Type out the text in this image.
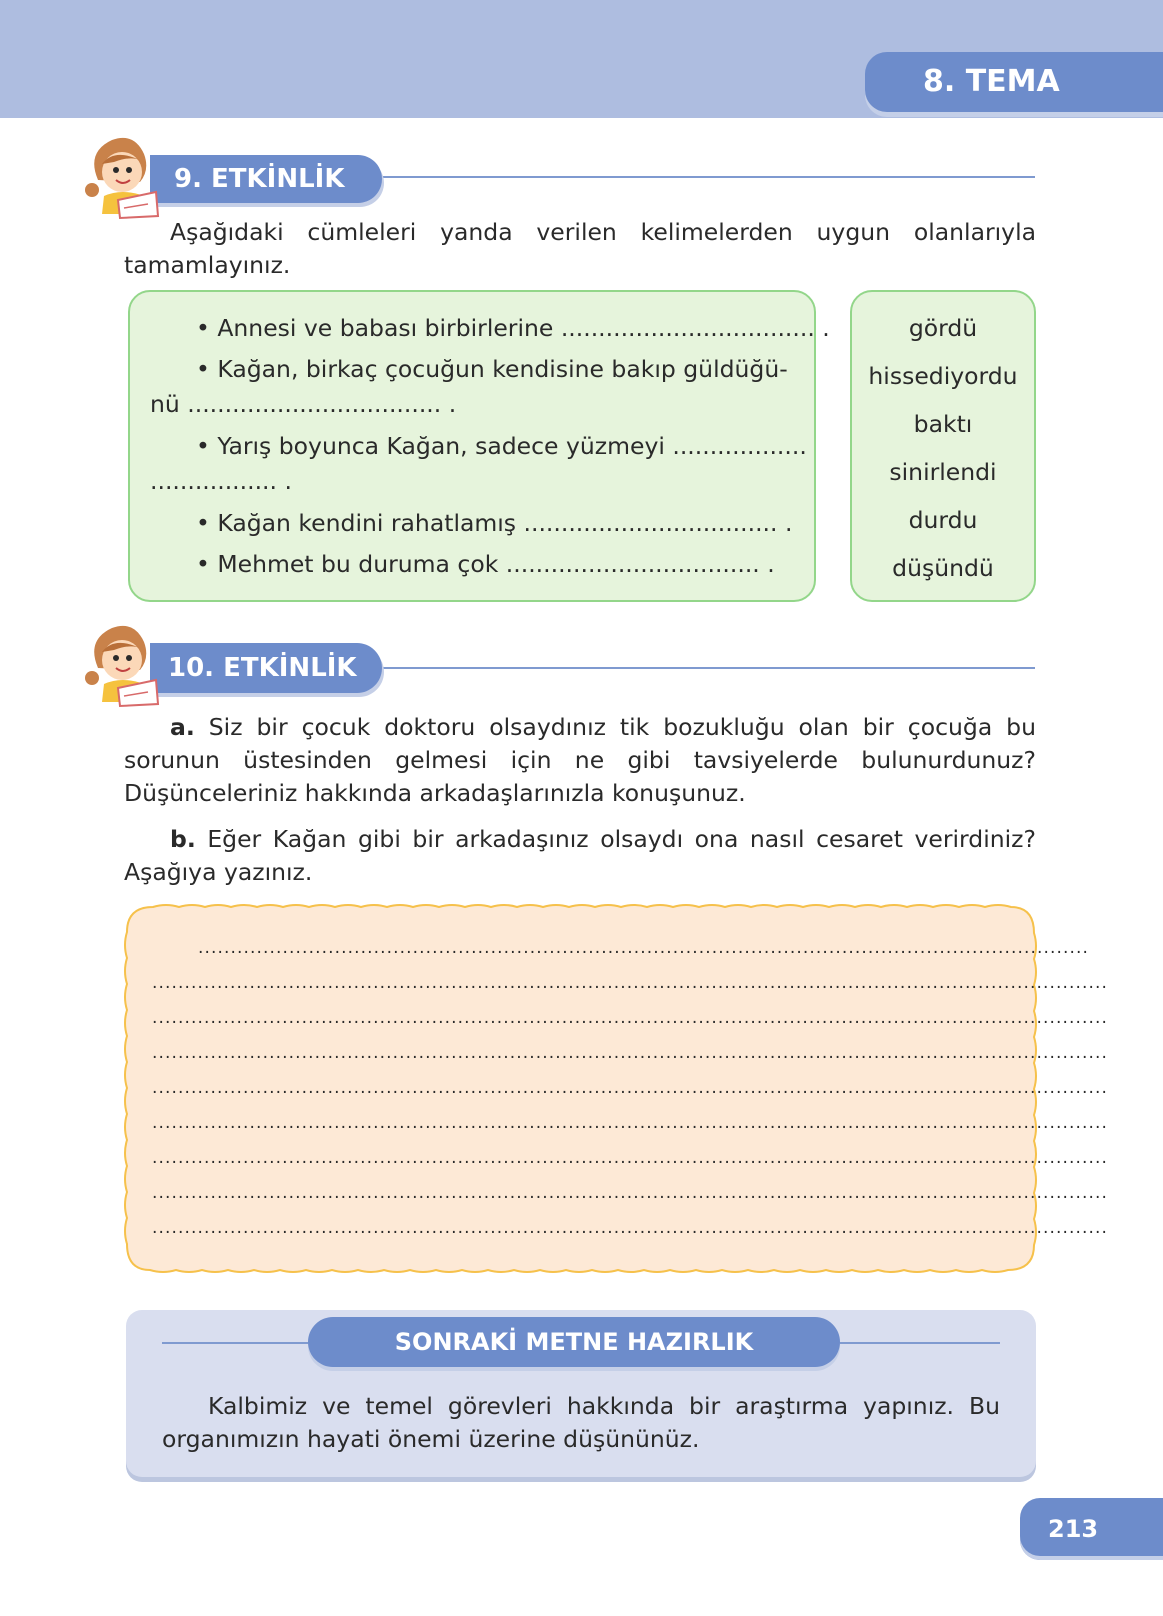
8. TEMA
9. ETKİNLİK

Aşağıdaki cümleleri yanda verilen kelimelerden uygun olanlarıyla tamamlayınız.

• Annesi ve babası birbirlerine .................................. .
• Kağan, birkaç çocuğun kendisine bakıp güldüğü-
nü .................................. .
• Yarış boyunca Kağan, sadece yüzmeyi ..................
................. .
• Kağan kendini rahatlamış .................................. .
• Mehmet bu duruma çok .................................. .
gördü
hissediyordu
baktı
sinirlendi
durdu
düşündü
10. ETKİNLİK

a. Siz bir çocuk doktoru olsaydınız tik bozukluğu olan bir çocuğa bu sorunun üstesinden gelmesi için ne gibi tavsiyelerde bulunurdunuz? Düşünceleriniz hakkında arkadaşlarınızla konuşunuz.

b. Eğer Kağan gibi bir arkadaşınız olsaydı ona nasıl cesaret verirdiniz? Aşağıya yazınız.

.........................................................................................................................................
...................................................................................................................................................
...................................................................................................................................................
...................................................................................................................................................
...................................................................................................................................................
...................................................................................................................................................
...................................................................................................................................................
...................................................................................................................................................
...................................................................................................................................................
SONRAKİ METNE HAZIRLIK

Kalbimiz ve temel görevleri hakkında bir araştırma yapınız. Bu organımızın hayati önemi üzerine düşününüz.

213
